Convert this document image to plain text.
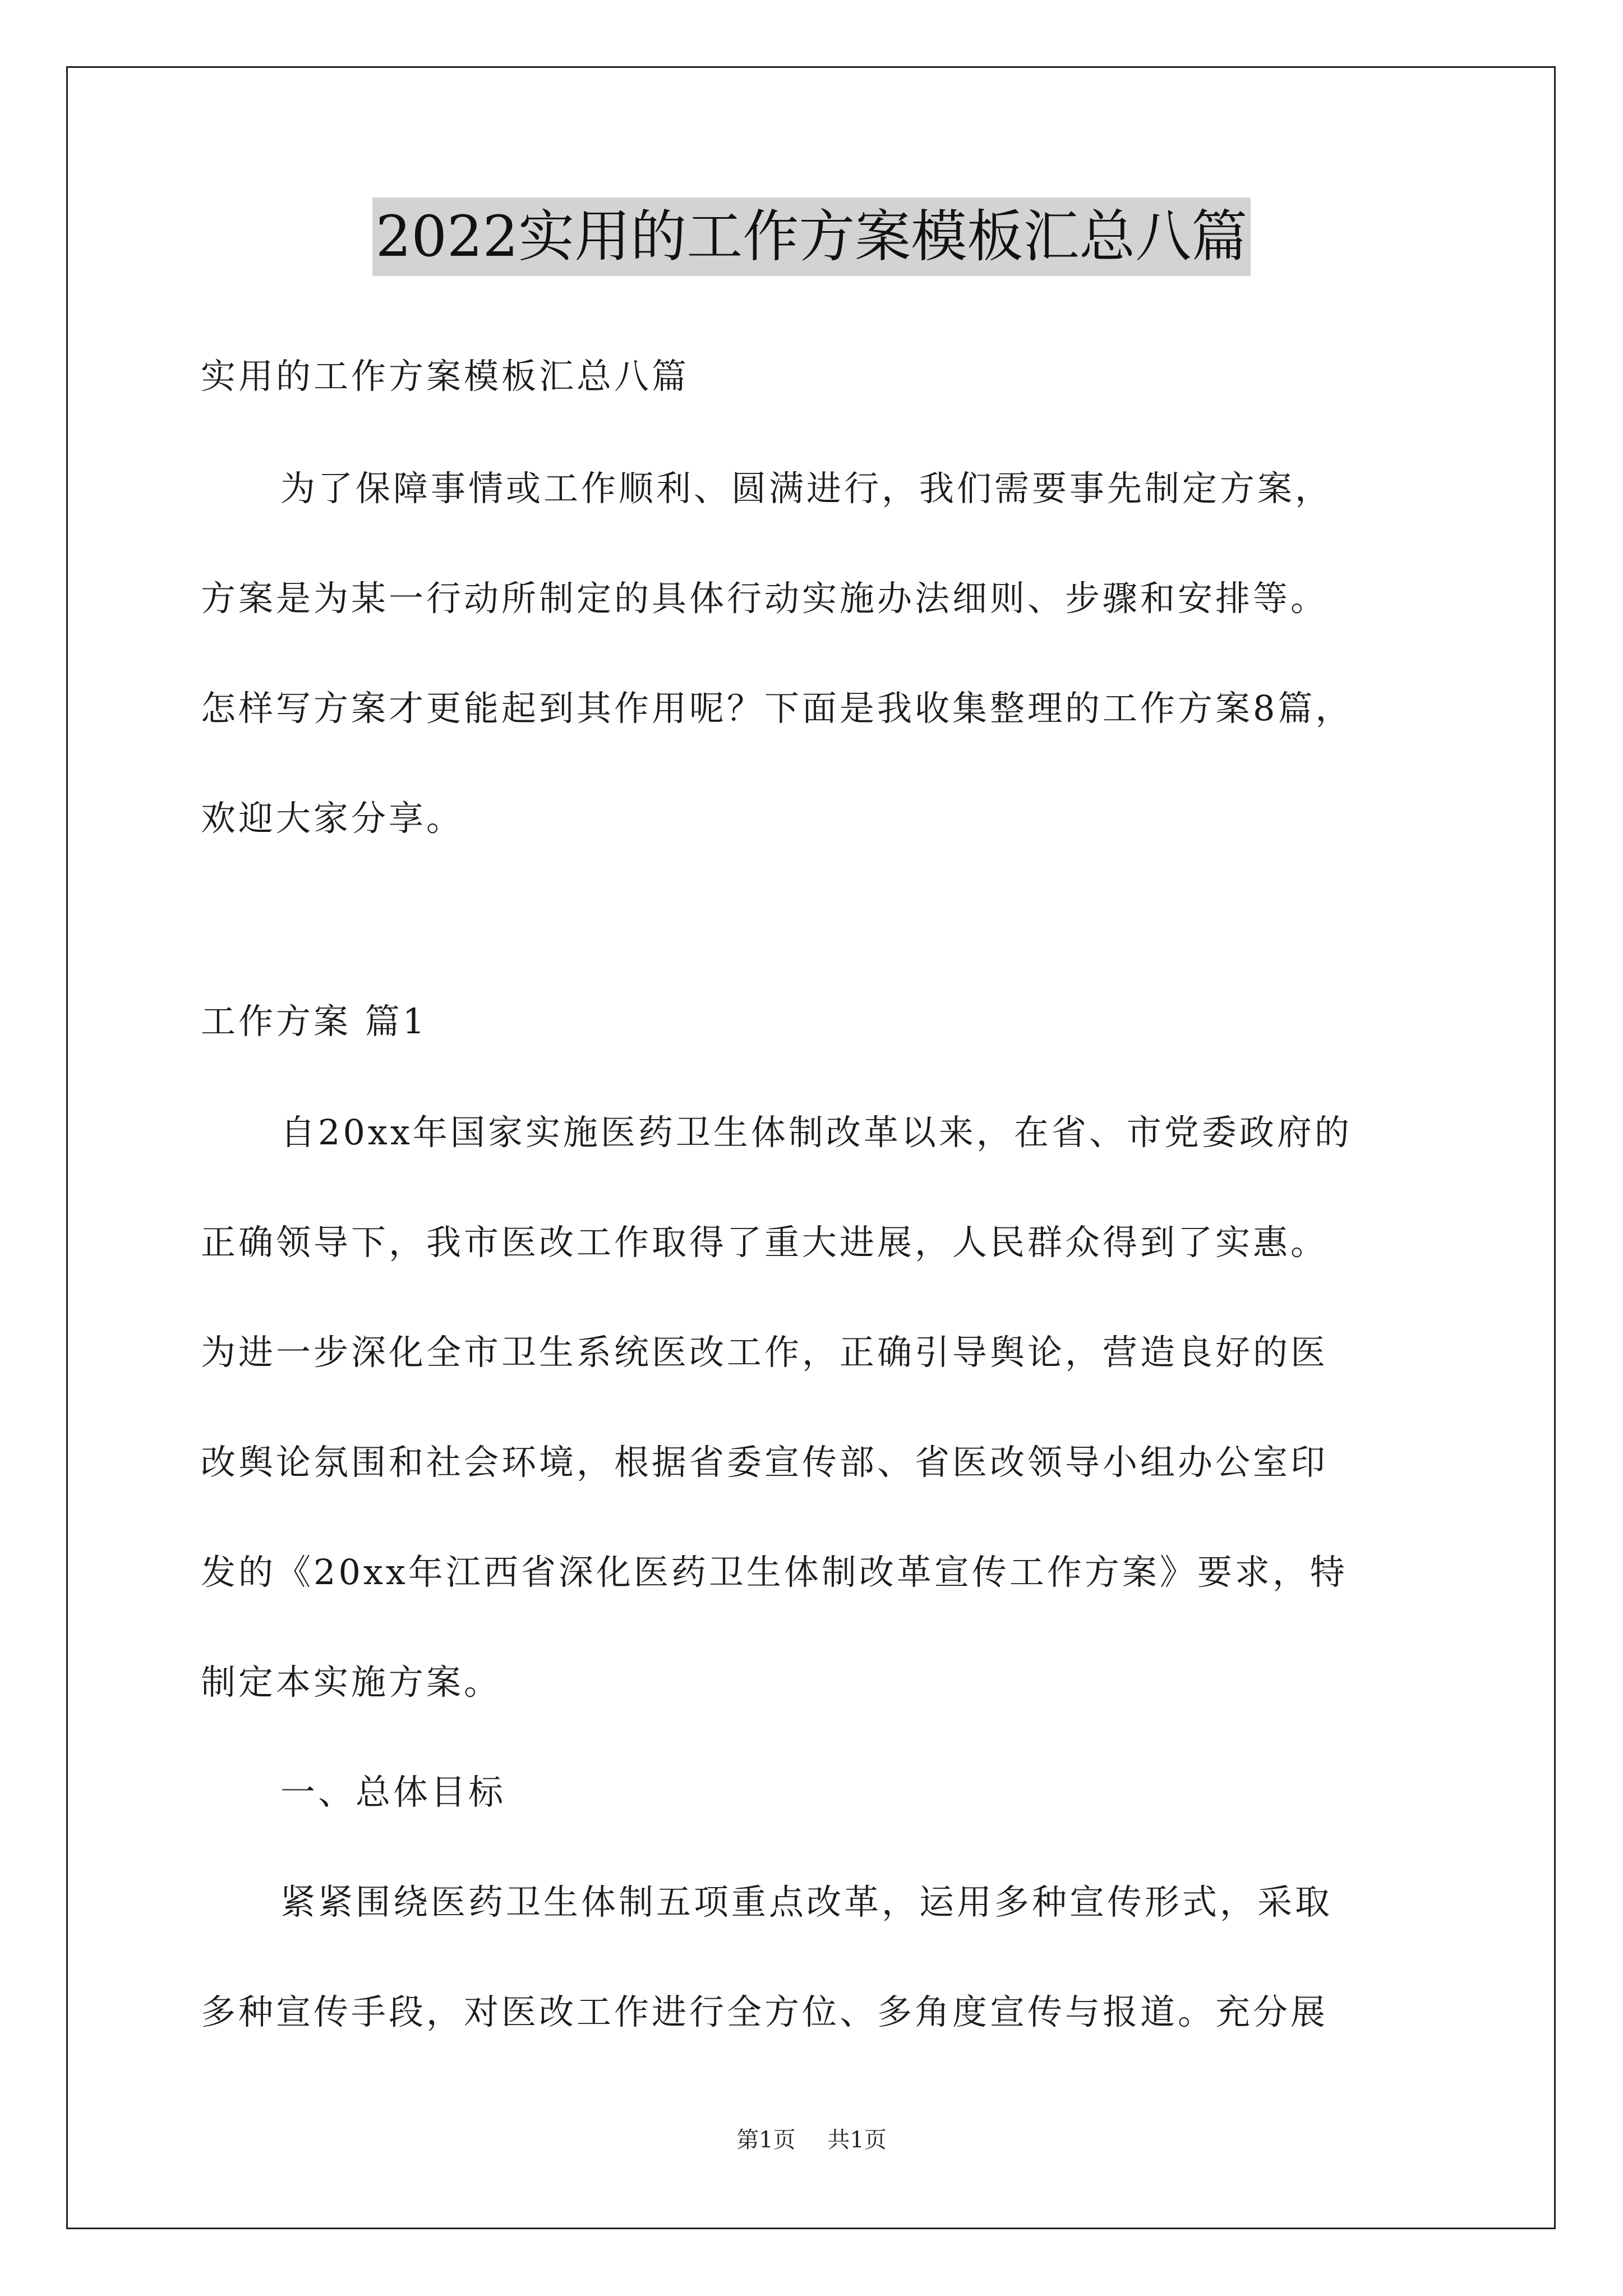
2022实用的工作方案模板汇总八篇
实用的工作方案模板汇总八篇
为了保障事情或工作顺利、圆满进行，我们需要事先制定方案，
方案是为某一行动所制定的具体行动实施办法细则、步骤和安排等。
怎样写方案才更能起到其作用呢？下面是我收集整理的工作方案8篇，
欢迎大家分享。
工作方案 篇1
自20xx年国家实施医药卫生体制改革以来，在省、市党委政府的
正确领导下，我市医改工作取得了重大进展，人民群众得到了实惠。
为进一步深化全市卫生系统医改工作，正确引导舆论，营造良好的医
改舆论氛围和社会环境，根据省委宣传部、省医改领导小组办公室印
发的《20xx年江西省深化医药卫生体制改革宣传工作方案》要求，特
制定本实施方案。
一、总体目标
紧紧围绕医药卫生体制五项重点改革，运用多种宣传形式，采取
多种宣传手段，对医改工作进行全方位、多角度宣传与报道。充分展
第1页 共1页
